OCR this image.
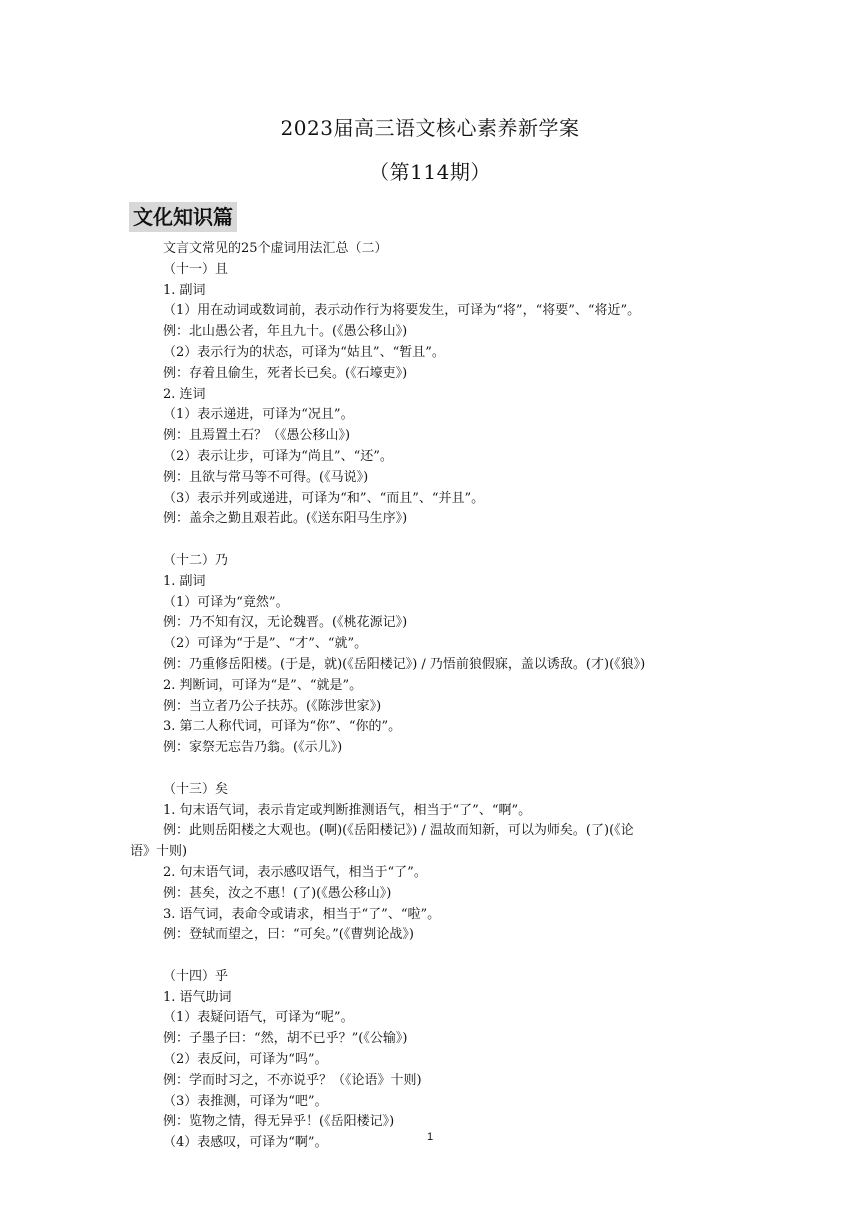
2023届高三语文核心素养新学案
（第114期）
文化知识篇
文言文常见的25个虚词用法汇总（二）
（十一）且
1. 副词
（1）用在动词或数词前，表示动作行为将要发生，可译为“将”，“将要”、“将近”。
例：北山愚公者，年且九十。(《愚公移山》)
（2）表示行为的状态，可译为“姑且”、“暂且”。
例：存着且偷生，死者长已矣。(《石壕吏》)
2. 连词
（1）表示递进，可译为“况且”。
例：且焉置土石？（《愚公移山》)
（2）表示让步，可译为“尚且”、“还”。
例：且欲与常马等不可得。(《马说》)
（3）表示并列或递进，可译为“和”、“而且”、“并且”。
例：盖余之勤且艰若此。(《送东阳马生序》)
（十二）乃
1. 副词
（1）可译为“竟然”。
例：乃不知有汉，无论魏晋。(《桃花源记》)
（2）可译为“于是”、“才”、“就”。
例：乃重修岳阳楼。(于是，就)(《岳阳楼记》) / 乃悟前狼假寐，盖以诱敌。(才)(《狼》)
2. 判断词，可译为“是”、“就是”。
例：当立者乃公子扶苏。(《陈涉世家》)
3. 第二人称代词，可译为“你”、“你的”。
例：家祭无忘告乃翁。(《示儿》)
（十三）矣
1. 句末语气词，表示肯定或判断推测语气，相当于“了”、“啊”。
例：此则岳阳楼之大观也。(啊)(《岳阳楼记》) / 温故而知新，可以为师矣。(了)(《论
语》十则)
2. 句末语气词，表示感叹语气，相当于“了”。
例：甚矣，汝之不惠！(了)(《愚公移山》)
3. 语气词，表命令或请求，相当于“了”、“啦”。
例：登轼而望之，曰：“可矣。”(《曹刿论战》)
（十四）乎
1. 语气助词
（1）表疑问语气，可译为“呢”。
例：子墨子曰：“然，胡不已乎？”(《公输》)
（2）表反问，可译为“吗”。
例：学而时习之，不亦说乎？（《论语》十则)
（3）表推测，可译为“吧”。
例：览物之情，得无异乎！(《岳阳楼记》)
（4）表感叹，可译为“啊”。	1
